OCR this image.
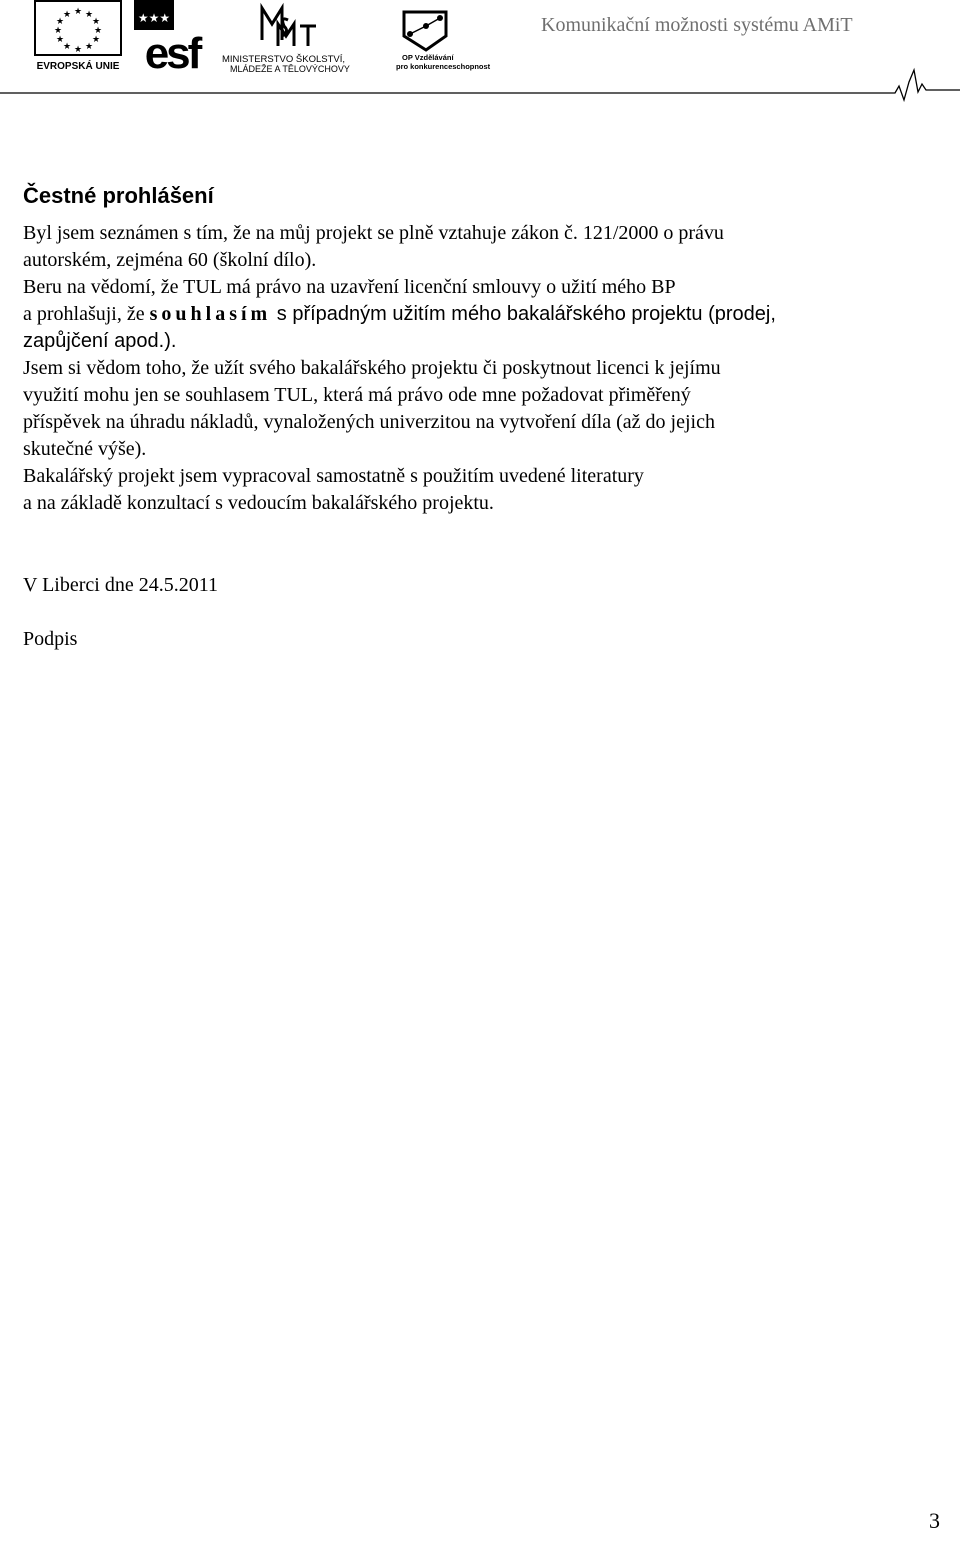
★ ★
★
★
★
★
★
★
★
★
★
★
EVROPSKÁ UNIE
★★★
esf	MINISTERSTVO ŠKOLSTVÍ,
MLÁDEŽE A TĚLOVÝCHOVY
OP Vzdělávání
pro konkurenceschopnost
Komunikační možnosti systému AMiT
Čestné prohlášení

Byl jsem seznámen s tím, že na můj projekt se plně vztahuje zákon č. 121/2000 o právu
autorském, zejména 60 (školní dílo).

Beru na vědomí, že TUL má právo na uzavření licenční smlouvy o užití mého BP
a prohlašuji, že souhlasím s případným užitím mého bakalářského projektu (prodej,
zapůjčení apod.).

Jsem si vědom toho, že užít svého bakalářského projektu či poskytnout licenci k jejímu
využití mohu jen se souhlasem TUL, která má právo ode mne požadovat přiměřený
příspěvek na úhradu nákladů, vynaložených univerzitou na vytvoření díla (až do jejich
skutečné výše).

Bakalářský projekt jsem vypracoval samostatně s použitím uvedené literatury
a na základě konzultací s vedoucím bakalářského projektu.

V Liberci dne 24.5.2011

Podpis

3
